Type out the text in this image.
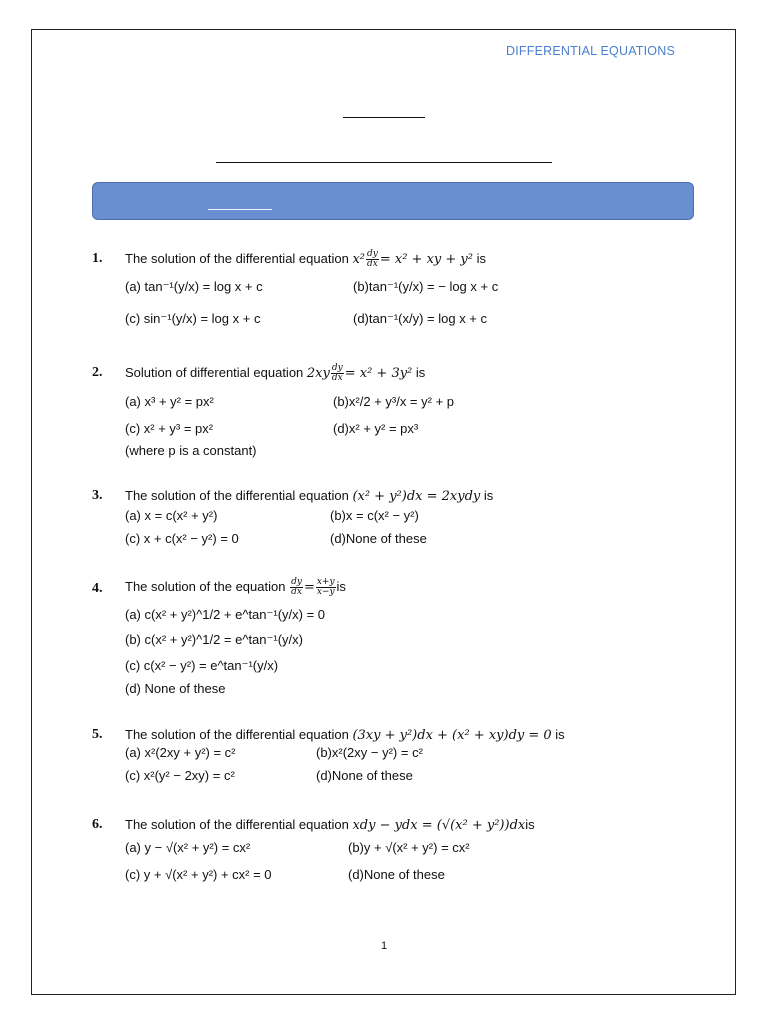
DIFFERENTIAL EQUATIONS
1. The solution of the differential equation $x^2 \frac{dy}{dx} = x^2$ + xy + y² is
(a) tan⁻¹(y/x) = log x + c	(b)tan⁻¹(y/x) = − log x + c
(c) sin⁻¹(y/x) = log x + c	(d)tan⁻¹(x/y) = log x + c
2. Solution of differential equation $2xy \frac{dy}{dx} = x^2 + 3y^2$ is
(a) x³ + y² = px²	(b)x²/2 + y³/x = y² + p
(c) x² + y³ = px²	(d)x² + y² = px³
(where p is a constant)
3. The solution of the differential equation (x² + y²)dx = 2xydy is
(a) x = c(x² + y²)	(b)x = c(x² − y²)
(c) x + c(x² − y²) = 0	(d)None of these
4. The solution of the equation $\frac{dy}{dx} = \frac{x+y}{x-y}$ is
(a) c(x² + y²)^1/2 + e^tan⁻¹(y/x) = 0
(b) c(x² + y²)^1/2 = e^tan⁻¹(y/x)
(c) c(x² − y²) = e^tan⁻¹(y/x)
(d) None of these
5. The solution of the differential equation (3xy + y²)dx + (x² + xy)dy = 0 is
(a) x²(2xy + y²) = c²	(b)x²(2xy − y²) = c²
(c) x²(y² − 2xy) = c²	(d)None of these
6. The solution of the differential equation xdy − ydx = (√(x² + y²))dxis
(a) y − √(x² + y²) = cx²	(b)y + √(x² + y²) = cx²
(c) y + √(x² + y²) + cx² = 0	(d)None of these
1
